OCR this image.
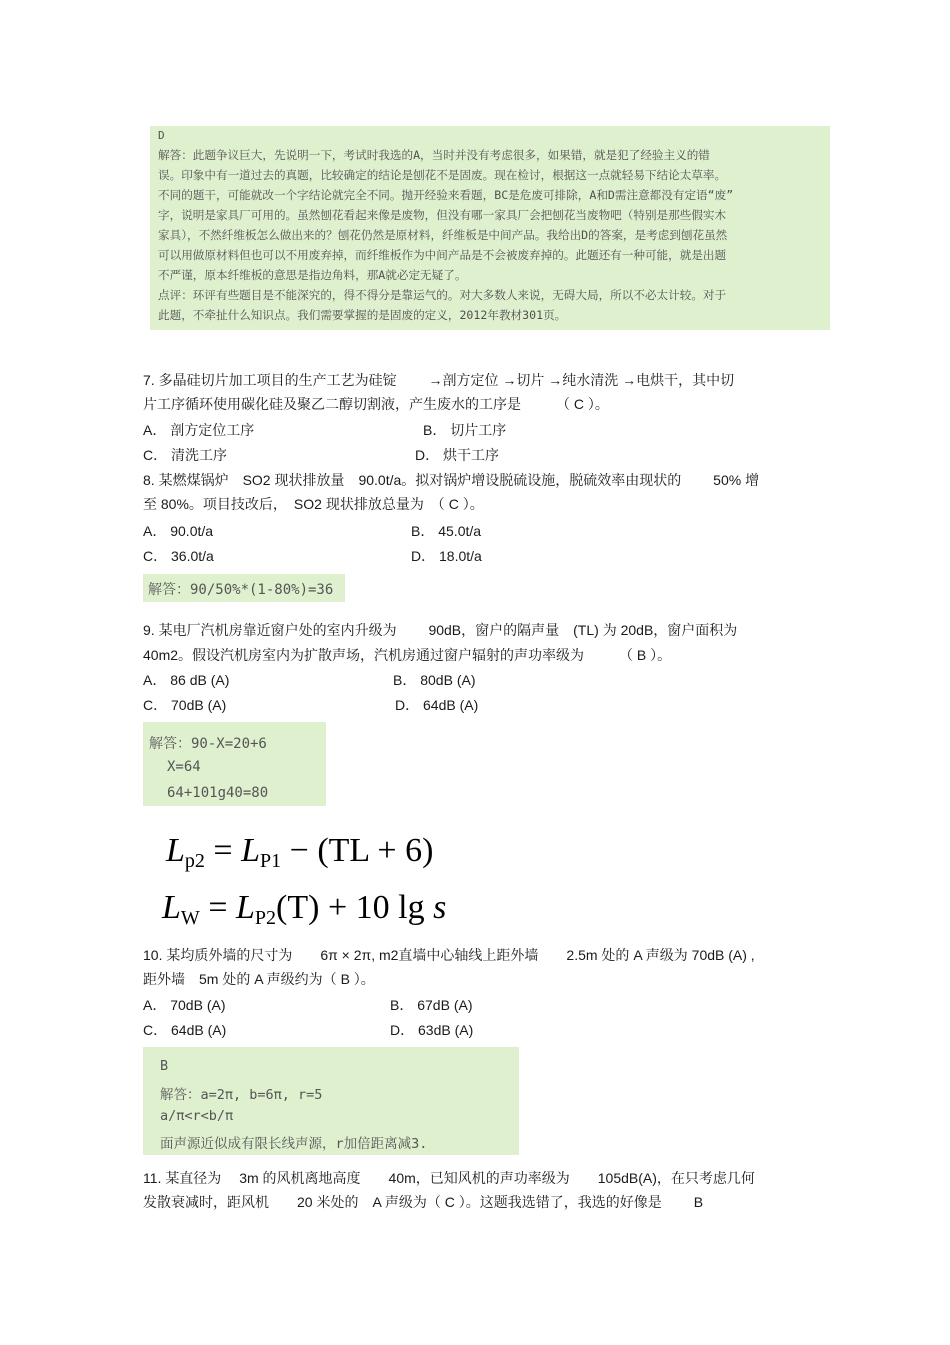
D
解答：此题争议巨大，先说明一下，考试时我选的A，当时并没有考虑很多，如果错，就是犯了经验主义的错
误。印象中有一道过去的真题，比较确定的结论是刨花不是固废。现在检讨，根据这一点就轻易下结论太草率。
不同的题干，可能就改一个字结论就完全不同。抛开经验来看题，BC是危废可排除，A和D需注意都没有定语“废”
字，说明是家具厂可用的。虽然刨花看起来像是废物，但没有哪一家具厂会把刨花当废物吧（特别是那些假实木
家具），不然纤维板怎么做出来的？刨花仍然是原材料，纤维板是中间产品。我给出D的答案，是考虑到刨花虽然
可以用做原材料但也可以不用废弃掉，而纤维板作为中间产品是不会被废弃掉的。此题还有一种可能，就是出题
不严谨，原本纤维板的意思是指边角料，那A就必定无疑了。
点评：环评有些题目是不能深究的，得不得分是靠运气的。对大多数人来说，无碍大局，所以不必太计较。对于
此题，不牵扯什么知识点。我们需要掌握的是固废的定义，2012年教材301页。
7. 多晶硅切片加工项目的生产工艺为硅锭　　 →剖方定位 →切片 →纯水清洗 →电烘干，其中切
片工序循环使用碳化硅及聚乙二醇切割液，产生废水的工序是　　　（ C ）。
A． 剖方定位工序	B． 切片工序
C． 清洗工序	D． 烘干工序
8. 某燃煤锅炉　SO2 现状排放量　90.0t/a。拟对锅炉增设脱硫设施，脱硫效率由现状的　　 50% 增
至 80%。项目技改后，　SO2 现状排放总量为　（ C ）。
A． 90.0t/a	B． 45.0t/a
C． 36.0t/a	D． 18.0t/a
解答：90/50%*(1-80%)=36
9. 某电厂汽机房靠近窗户处的室内升级为　　 90dB，窗户的隔声量　(TL) 为 20dB，窗户面积为
40m2。假设汽机房室内为扩散声场，汽机房通过窗户辐射的声功率级为　　　（ B ）。
A． 86 dB (A)	B． 80dB (A)
C． 70dB (A)	D． 64dB (A)
解答：90-X=20+6
X=64
64+101g40=80
$L_{p2} = L_{P1} - (TL + 6)$
$L_W = L_{P2}(T) + 10$ lg s
10. 某均质外墙的尺寸为　　6π × 2π, m2直墙中心轴线上距外墙　　2.5m 处的 A 声级为 70dB (A) ,
距外墙　5m 处的 A 声级约为（ B ）。
A． 70dB (A)	B． 67dB (A)
C． 64dB (A)	D． 63dB (A)
B
解答：a=2π, b=6π, r=5
a/π<r<b/π
面声源近似成有限长线声源，r加倍距离减3.
11. 某直径为　 3m 的风机离地高度　　40m，已知风机的声功率级为　　105dB(A)，在只考虑几何
发散衰减时，距风机　　20 米处的　A 声级为（ C ）。这题我选错了，我选的好像是　　 B
